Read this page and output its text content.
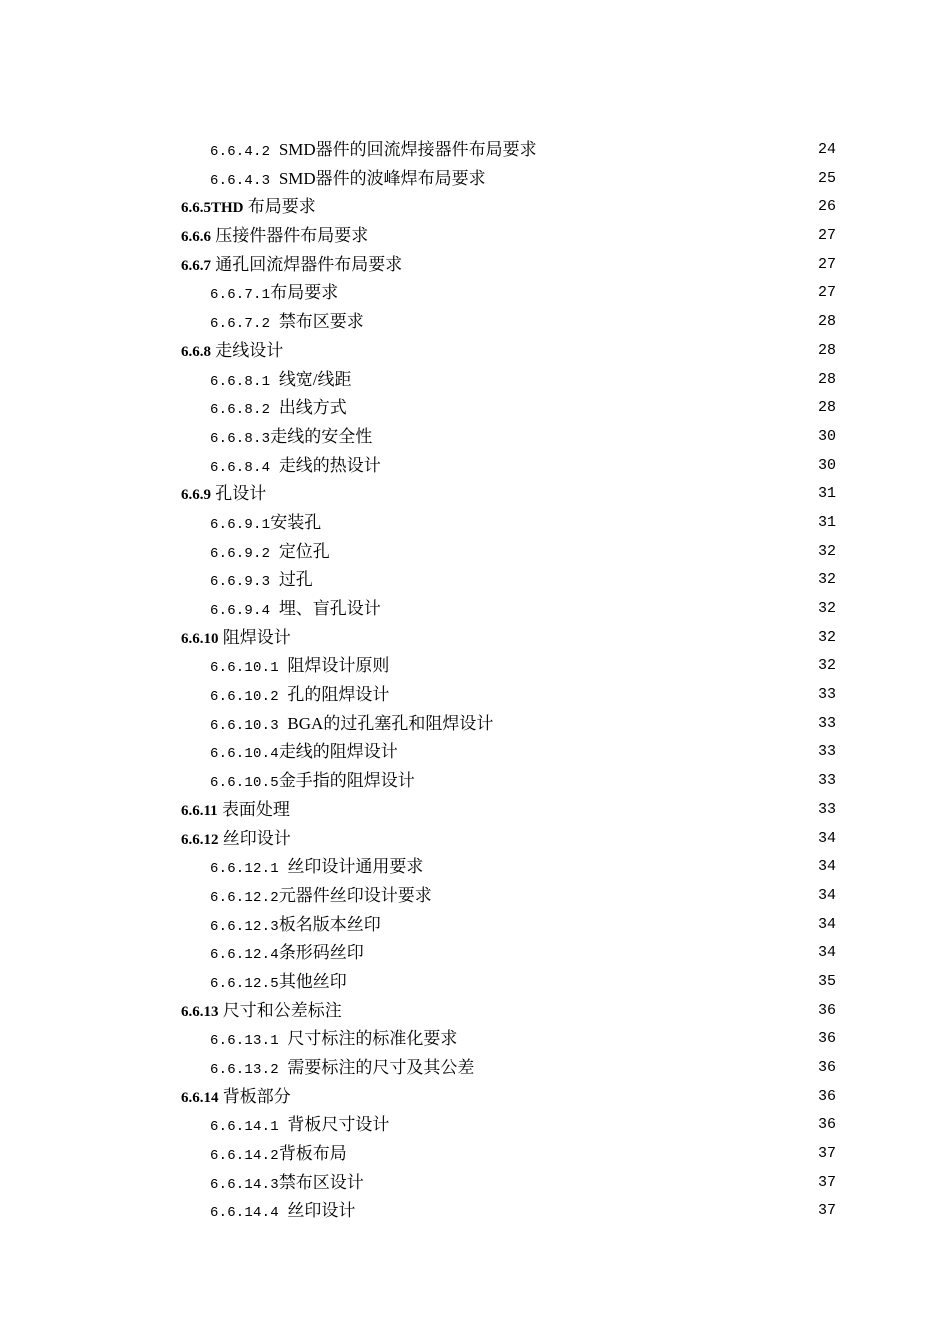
6.6.4.2 SMD器件的回流焊接器件布局要求	24
6.6.4.3 SMD器件的波峰焊布局要求	25
6.6.5THD 布局要求	26
6.6.6 压接件器件布局要求	27
6.6.7 通孔回流焊器件布局要求	27
6.6.7.1布局要求	27
6.6.7.2 禁布区要求	28
6.6.8 走线设计	28
6.6.8.1 线宽/线距	28
6.6.8.2 出线方式	28
6.6.8.3走线的安全性	30
6.6.8.4 走线的热设计	30
6.6.9 孔设计	31
6.6.9.1安装孔	31
6.6.9.2 定位孔	32
6.6.9.3 过孔	32
6.6.9.4 埋、盲孔设计	32
6.6.10 阻焊设计	32
6.6.10.1 阻焊设计原则	32
6.6.10.2 孔的阻焊设计	33
6.6.10.3 BGA的过孔塞孔和阻焊设计	33
6.6.10.4走线的阻焊设计	33
6.6.10.5金手指的阻焊设计	33
6.6.11 表面处理	33
6.6.12 丝印设计	34
6.6.12.1 丝印设计通用要求	34
6.6.12.2元器件丝印设计要求	34
6.6.12.3板名版本丝印	34
6.6.12.4条形码丝印	34
6.6.12.5其他丝印	35
6.6.13 尺寸和公差标注	36
6.6.13.1 尺寸标注的标准化要求	36
6.6.13.2 需要标注的尺寸及其公差	36
6.6.14 背板部分	36
6.6.14.1 背板尺寸设计	36
6.6.14.2背板布局	37
6.6.14.3禁布区设计	37
6.6.14.4 丝印设计	37
